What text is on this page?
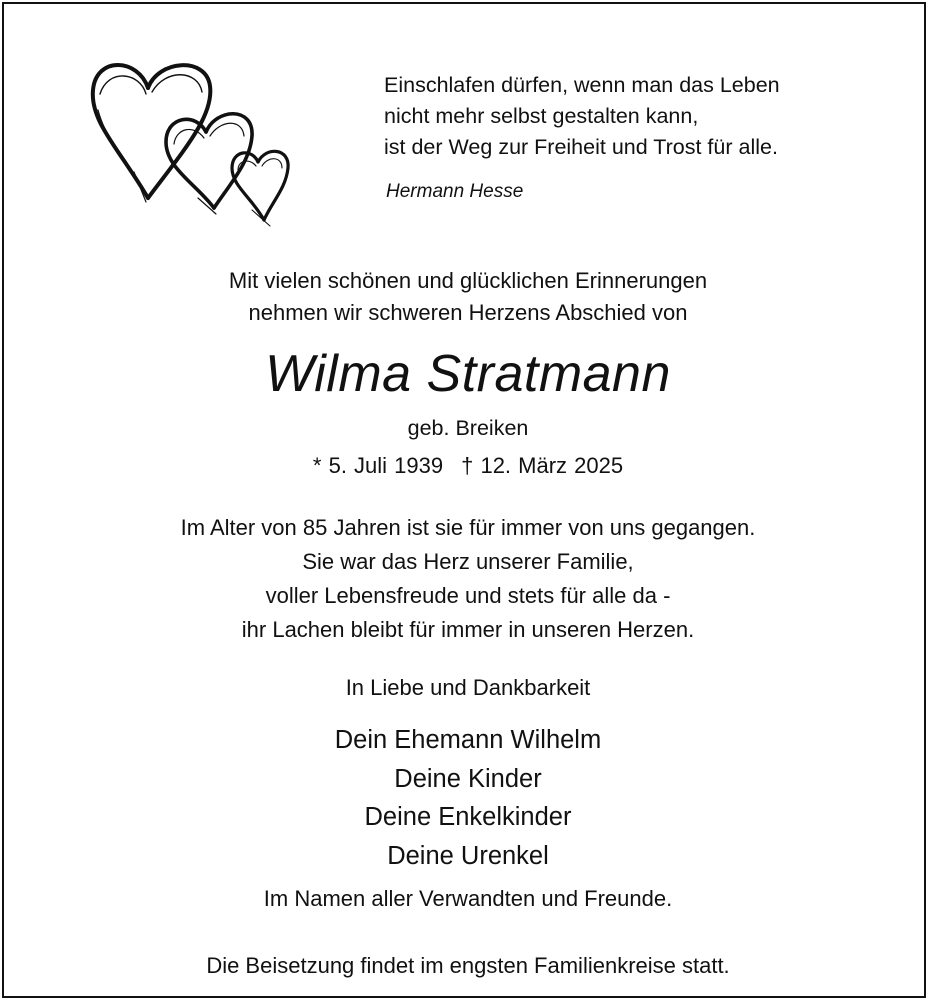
Einschlafen dürfen, wenn man das Leben
nicht mehr selbst gestalten kann,
ist der Weg zur Freiheit und Trost für alle.
Hermann Hesse
Mit vielen schönen und glücklichen Erinnerungen
nehmen wir schweren Herzens Abschied von
Wilma Stratmann
geb. Breiken
* 5. Juli 1939 † 12. März 2025
Im Alter von 85 Jahren ist sie für immer von uns gegangen.
Sie war das Herz unserer Familie,
voller Lebensfreude und stets für alle da -
ihr Lachen bleibt für immer in unseren Herzen.
In Liebe und Dankbarkeit
Dein Ehemann Wilhelm
Deine Kinder
Deine Enkelkinder
Deine Urenkel
Im Namen aller Verwandten und Freunde.
Die Beisetzung findet im engsten Familienkreise statt.
